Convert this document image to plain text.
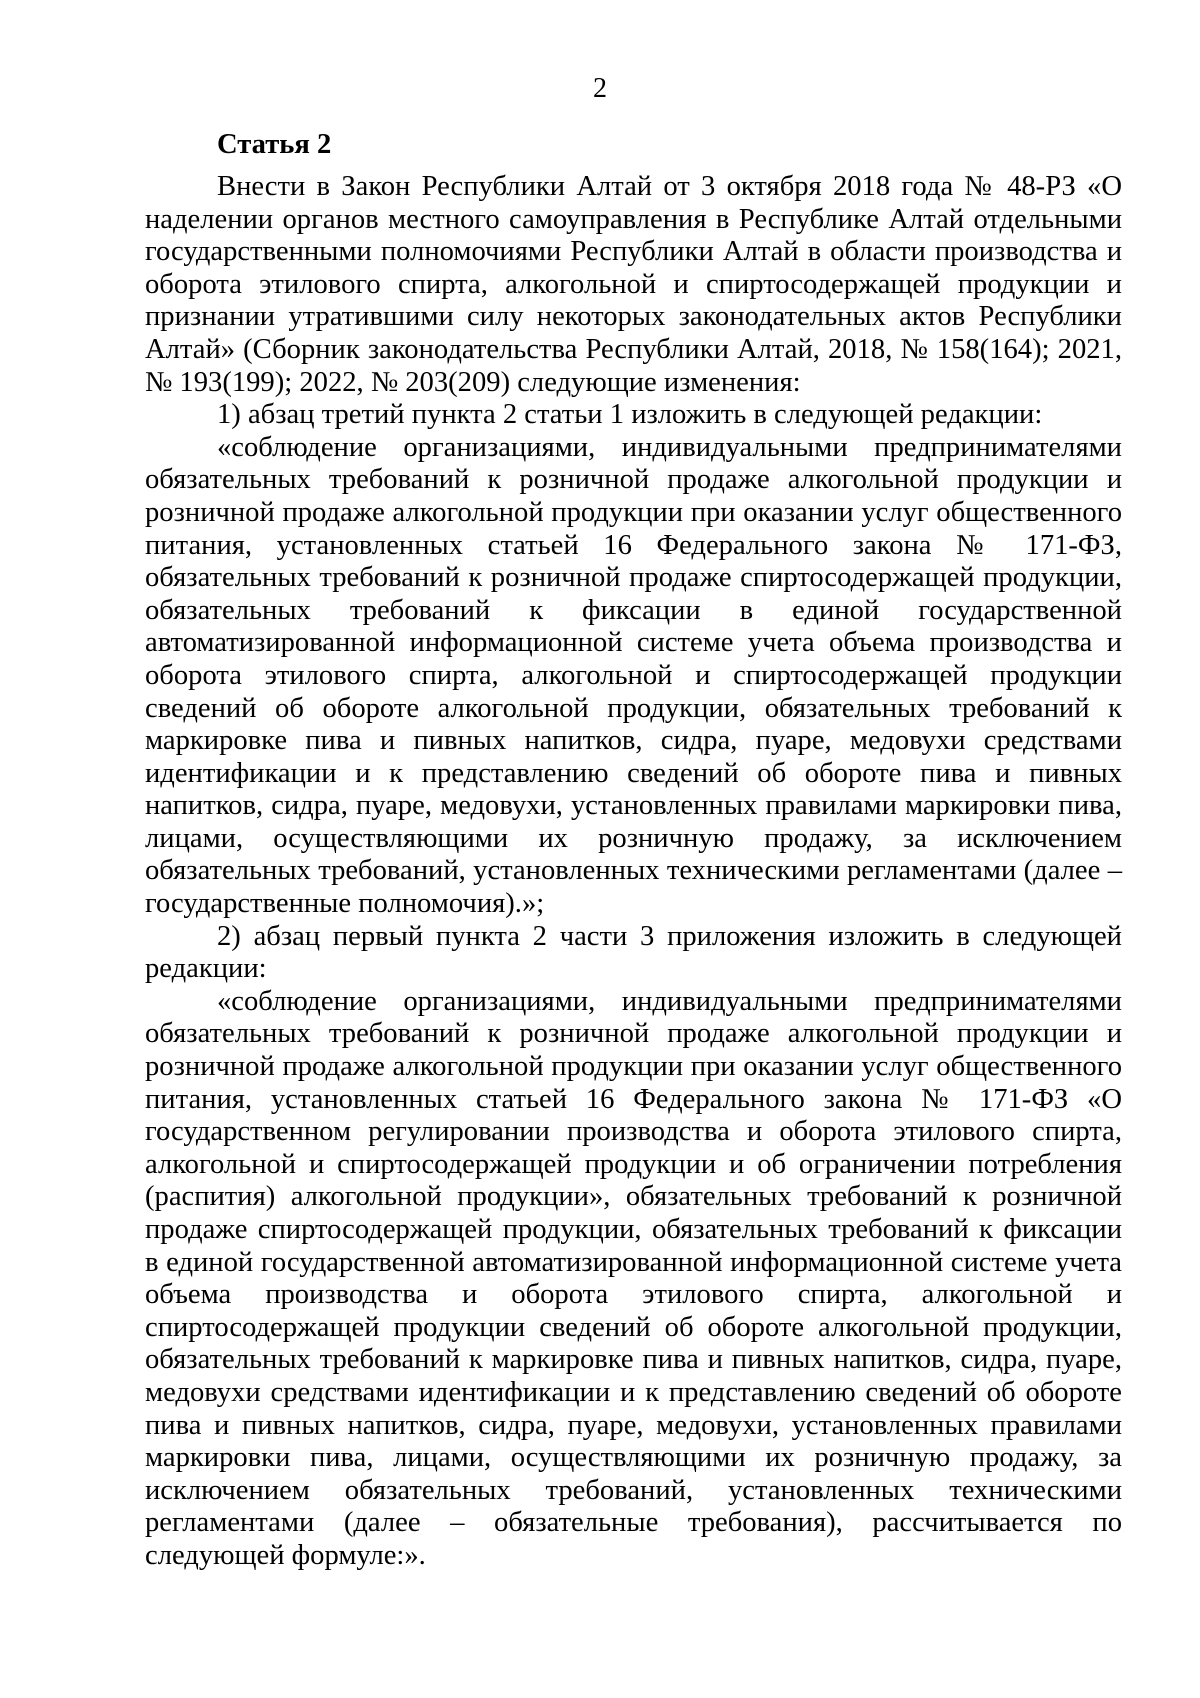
2
Статья 2

Внести в Закон Республики Алтай от 3 октября 2018 года № 48-РЗ «О наделении органов местного самоуправления в Республике Алтай отдельными государственными полномочиями Республики Алтай в области производства и оборота этилового спирта, алкогольной и спиртосодержащей продукции и признании утратившими силу некоторых законодательных актов Республики Алтай» (Сборник законодательства Республики Алтай, 2018, № 158(164); 2021, № 193(199); 2022, № 203(209) следующие изменения:

1) абзац третий пункта 2 статьи 1 изложить в следующей редакции:

«соблюдение организациями, индивидуальными предпринимателями обязательных требований к розничной продаже алкогольной продукции и розничной продаже алкогольной продукции при оказании услуг общественного питания, установленных статьей 16 Федерального закона № 171-ФЗ, обязательных требований к розничной продаже спиртосодержащей продукции, обязательных требований к фиксации в единой государственной автоматизированной информационной системе учета объема производства и оборота этилового спирта, алкогольной и спиртосодержащей продукции сведений об обороте алкогольной продукции, обязательных требований к маркировке пива и пивных напитков, сидра, пуаре, медовухи средствами идентификации и к представлению сведений об обороте пива и пивных напитков, сидра, пуаре, медовухи, установленных правилами маркировки пива, лицами, осуществляющими их розничную продажу, за исключением обязательных требований, установленных техническими регламентами (далее – государственные полномочия).»;

2) абзац первый пункта 2 части 3 приложения изложить в следующей редакции:

«соблюдение организациями, индивидуальными предпринимателями обязательных требований к розничной продаже алкогольной продукции и розничной продаже алкогольной продукции при оказании услуг общественного питания, установленных статьей 16 Федерального закона № 171-ФЗ «О государственном регулировании производства и оборота этилового спирта, алкогольной и спиртосодержащей продукции и об ограничении потребления (распития) алкогольной продукции», обязательных требований к розничной продаже спиртосодержащей продукции, обязательных требований к фиксации в единой государственной автоматизированной информационной системе учета объема производства и оборота этилового спирта, алкогольной и спиртосодержащей продукции сведений об обороте алкогольной продукции, обязательных требований к маркировке пива и пивных напитков, сидра, пуаре, медовухи средствами идентификации и к представлению сведений об обороте пива и пивных напитков, сидра, пуаре, медовухи, установленных правилами маркировки пива, лицами, осуществляющими их розничную продажу, за исключением обязательных требований, установленных техническими регламентами (далее – обязательные требования), рассчитывается по следующей формуле:».
